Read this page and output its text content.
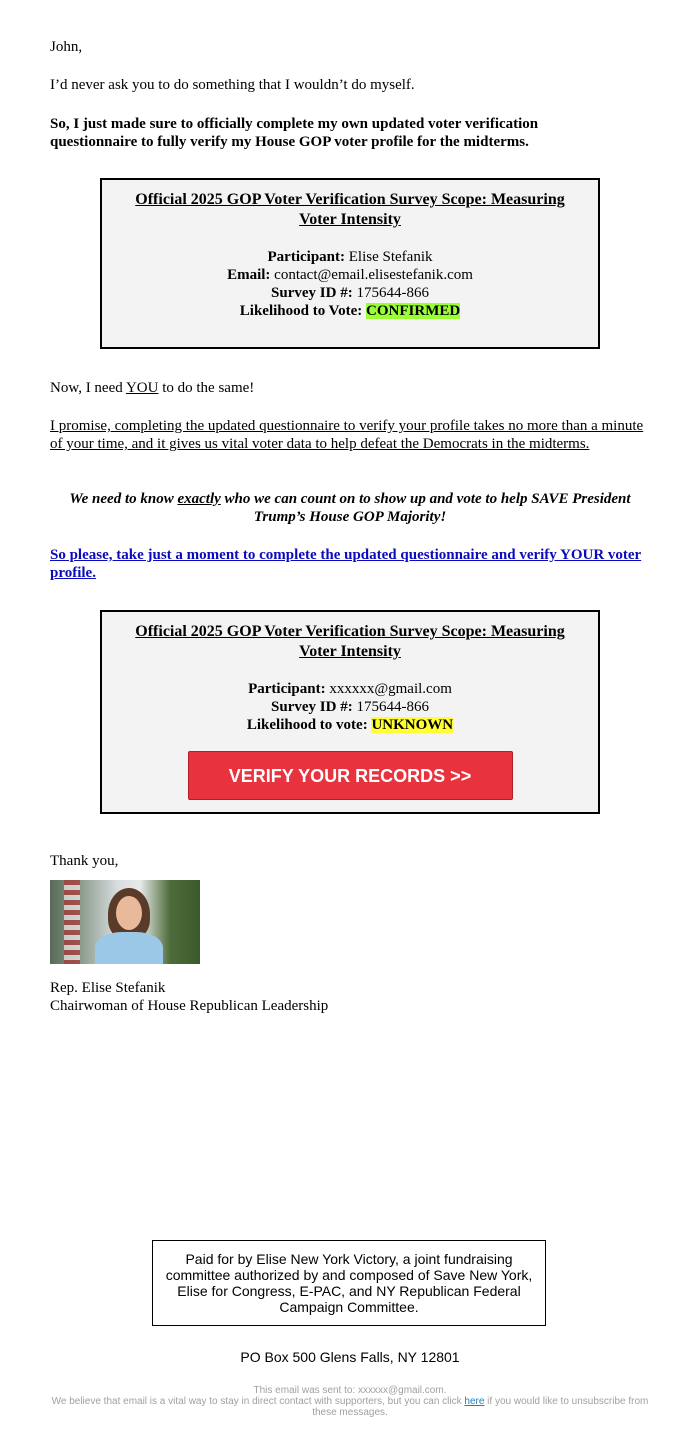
John,

I’d never ask you to do something that I wouldn’t do myself.

So, I just made sure to officially complete my own updated voter verification questionnaire to fully verify my House GOP voter profile for the midterms.

Official 2025 GOP Voter Verification Survey Scope: Measuring Voter Intensity
Participant: Elise Stefanik
Email: contact@email.elisestefanik.com
Survey ID #: 175644-866
Likelihood to Vote: CONFIRMED

Now, I need YOU to do the same!

I promise, completing the updated questionnaire to verify your profile takes no more than a minute of your time, and it gives us vital voter data to help defeat the Democrats in the midterms.

We need to know exactly who we can count on to show up and vote to help SAVE President Trump’s House GOP Majority!

So please, take just a moment to complete the updated questionnaire and verify YOUR voter profile.

Official 2025 GOP Voter Verification Survey Scope: Measuring Voter Intensity
Participant: xxxxxx@gmail.com
Survey ID #: 175644-866
Likelihood to vote: UNKNOWN
VERIFY YOUR RECORDS >>

Thank you,

Rep. Elise Stefanik

Chairwoman of House Republican Leadership

Paid for by Elise New York Victory, a joint fundraising committee authorized by and composed of Save New York, Elise for Congress, E-PAC, and NY Republican Federal Campaign Committee.

PO Box 500 Glens Falls, NY 12801

This email was sent to: xxxxxx@gmail.com.
We believe that email is a vital way to stay in direct contact with supporters, but you can click here if you would like to unsubscribe from these messages.
